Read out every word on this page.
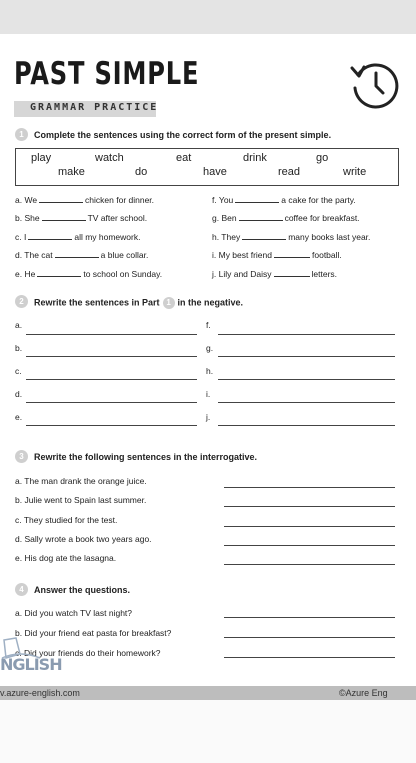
PAST SIMPLE
GRAMMAR PRACTICE
1	Complete the sentences using the correct form of the present simple.
play	watch	eat	drink	go
make	do	have	read	write
a. We	chicken for dinner.
b. She	TV after school.
c. I	all my homework.
d. The cat	a blue collar.
e. He	to school on Sunday.
f. You	a cake for the party.
g. Ben	coffee for breakfast.
h. They	many books last year.
i. My best friend	football.
j. Lily and Daisy	letters.
2	Rewrite the sentences in Part 1 in the negative.
a.
b.
c.
d.
e.
f.
g.
h.
i.
j.
3	Rewrite the following sentences in the interrogative.
a. The man drank the orange juice.
b. Julie went to Spain last summer.
c. They studied for the test.
d. Sally wrote a book two years ago.
e. His dog ate the lasagna.
4	Answer the questions.
a. Did you watch TV last night?
b. Did your friend eat pasta for breakfast?
c. Did your friends do their homework?
NGLISH
v.azure-english.com	©Azure Eng
